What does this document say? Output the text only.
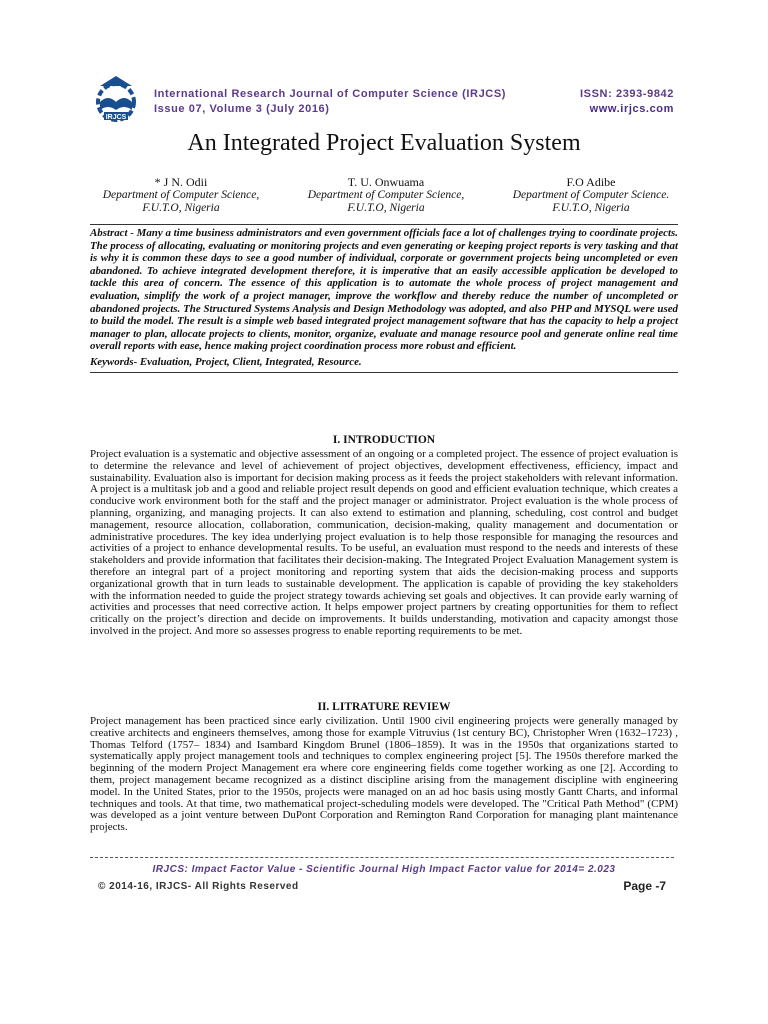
IRJCS
International Research Journal of Computer Science (IRJCS)
Issue 07, Volume 3 (July 2016)
ISSN: 2393-9842
www.irjcs.com
An Integrated Project Evaluation System
* J N. Odii
Department of Computer Science,
F.U.T.O, Nigeria
T. U. Onwuama
Department of Computer Science,
F.U.T.O, Nigeria
F.O Adibe
Department of Computer Science.
F.U.T.O, Nigeria

Abstract - Many a time business administrators and even government officials face a lot of challenges trying to coordinate projects. The process of allocating, evaluating or monitoring projects and even generating or keeping project reports is very tasking and that is why it is common these days to see a good number of individual, corporate or government projects being uncompleted or even abandoned. To achieve integrated development therefore, it is imperative that an easily accessible application be developed to tackle this area of concern. The essence of this application is to automate the whole process of project management and evaluation, simplify the work of a project manager, improve the workflow and thereby reduce the number of uncompleted or abandoned projects. The Structured Systems Analysis and Design Methodology was adopted, and also PHP and MYSQL were used to build the model. The result is a simple web based integrated project management software that has the capacity to help a project manager to plan, allocate projects to clients, monitor, organize, evaluate and manage resource pool and generate online real time overall reports with ease, hence making project coordination process more robust and efficient.

Keywords- Evaluation, Project, Client, Integrated, Resource.

I. INTRODUCTION

Project evaluation is a systematic and objective assessment of an ongoing or a completed project. The essence of project evaluation is to determine the relevance and level of achievement of project objectives, development effectiveness, efficiency, impact and sustainability. Evaluation also is important for decision making process as it feeds the project stakeholders with relevant information. A project is a multitask job and a good and reliable project result depends on good and efficient evaluation technique, which creates a conducive work environment both for the staff and the project manager or administrator. Project evaluation is the whole process of planning, organizing, and managing projects. It can also extend to estimation and planning, scheduling, cost control and budget management, resource allocation, collaboration, communication, decision-making, quality management and documentation or administrative procedures. The key idea underlying project evaluation is to help those responsible for managing the resources and activities of a project to enhance developmental results. To be useful, an evaluation must respond to the needs and interests of these stakeholders and provide information that facilitates their decision-making. The Integrated Project Evaluation Management system is therefore an integral part of a project monitoring and reporting system that aids the decision-making process and supports organizational growth that in turn leads to sustainable development. The application is capable of providing the key stakeholders with the information needed to guide the project strategy towards achieving set goals and objectives. It can provide early warning of activities and processes that need corrective action. It helps empower project partners by creating opportunities for them to reflect critically on the project’s direction and decide on improvements. It builds understanding, motivation and capacity amongst those involved in the project. And more so assesses progress to enable reporting requirements to be met.

II. LITRATURE REVIEW

Project management has been practiced since early civilization. Until 1900 civil engineering projects were generally managed by creative architects and engineers themselves, among those for example Vitruvius (1st century BC), Christopher Wren (1632–1723) , Thomas Telford (1757– 1834) and Isambard Kingdom Brunel (1806–1859). It was in the 1950s that organizations started to systematically apply project management tools and techniques to complex engineering project [5]. The 1950s therefore marked the beginning of the modern Project Management era where core engineering fields come together working as one [2]. According to them, project management became recognized as a distinct discipline arising from the management discipline with engineering model. In the United States, prior to the 1950s, projects were managed on an ad hoc basis using mostly Gantt Charts, and informal techniques and tools. At that time, two mathematical project-scheduling models were developed. The "Critical Path Method" (CPM) was developed as a joint venture between DuPont Corporation and Remington Rand Corporation for managing plant maintenance projects.

IRJCS: Impact Factor Value - Scientific Journal High Impact Factor value for 2014= 2.023
© 2014-16, IRJCS- All Rights Reserved	Page -7
